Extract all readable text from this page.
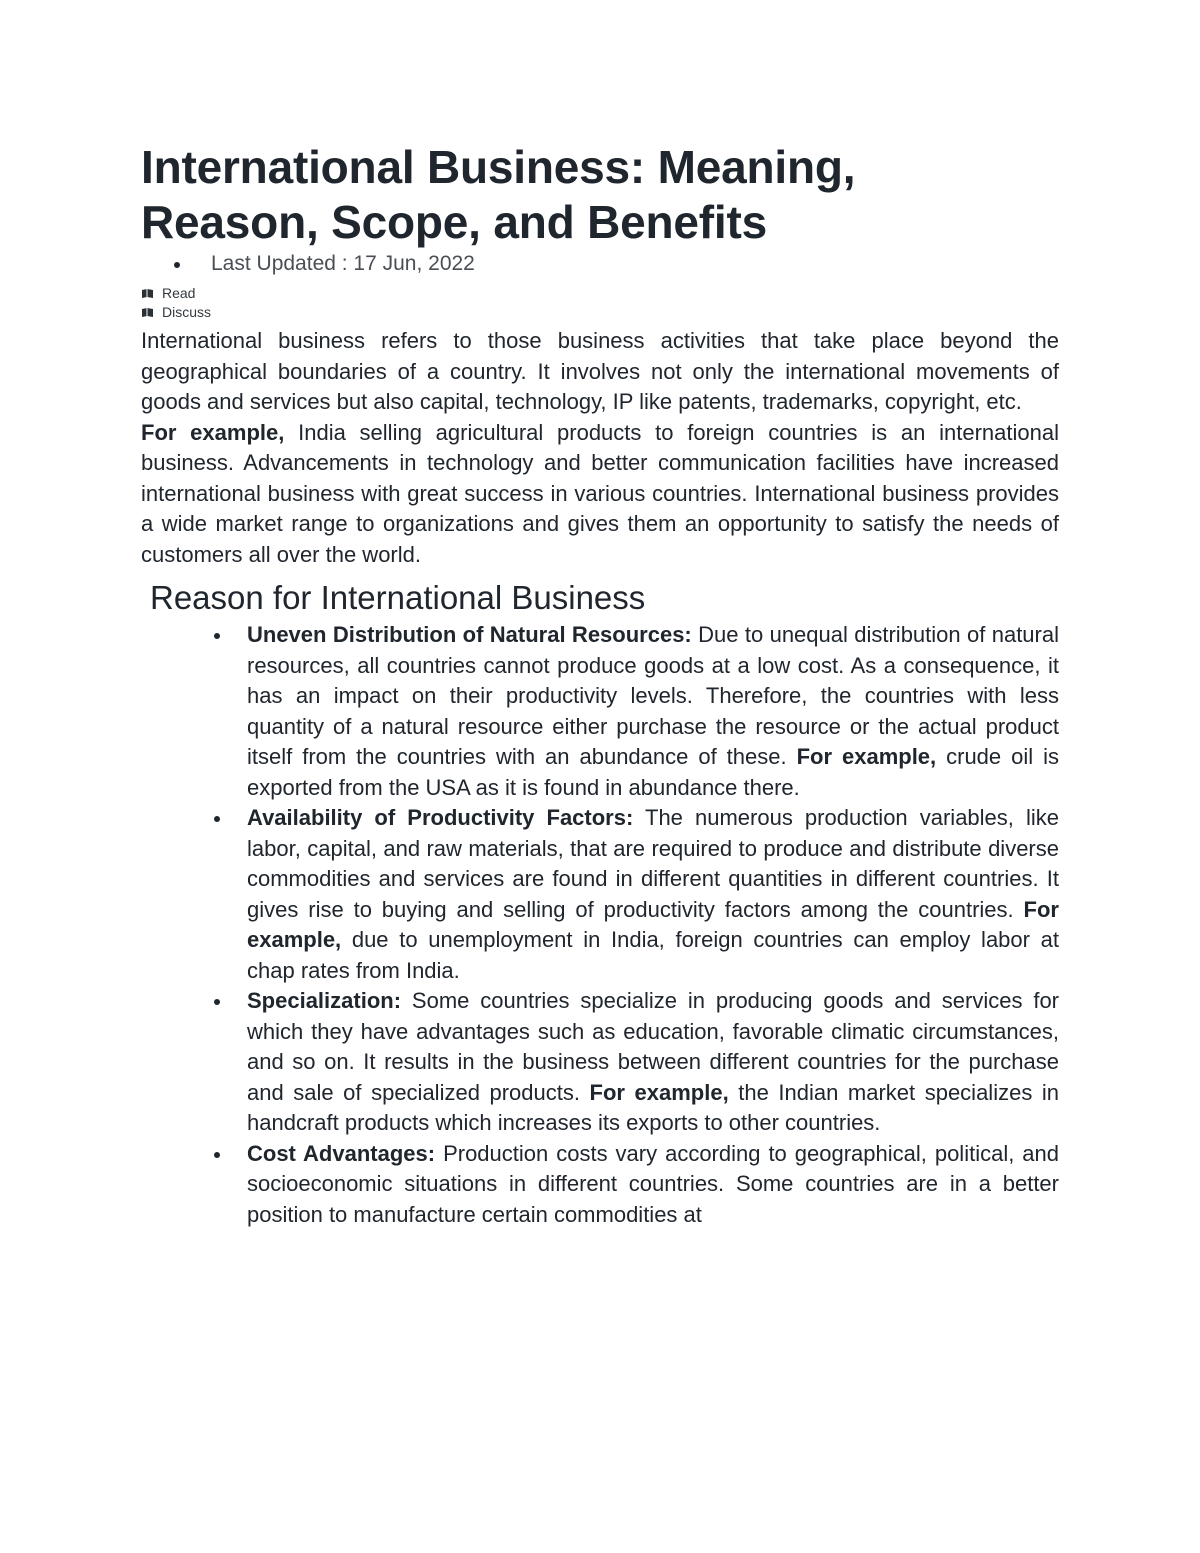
International Business: Meaning,
Reason, Scope, and Benefits
Last Updated : 17 Jun, 2022
Read
Discuss

International business refers to those business activities that take place beyond the geographical boundaries of a country. It involves not only the international movements of goods and services but also capital, technology, IP like patents, trademarks, copyright, etc.

For example, India selling agricultural products to foreign countries is an international business. Advancements in technology and better communication facilities have increased international business with great success in various countries. International business provides a wide market range to organizations and gives them an opportunity to satisfy the needs of customers all over the world.

Reason for International Business
Uneven Distribution of Natural Resources: Due to unequal distribution of natural resources, all countries cannot produce goods at a low cost. As a consequence, it has an impact on their productivity levels. Therefore, the countries with less quantity of a natural resource either purchase the resource or the actual product itself from the countries with an abundance of these. For example, crude oil is exported from the USA as it is found in abundance there.
Availability of Productivity Factors: The numerous production variables, like labor, capital, and raw materials, that are required to produce and distribute diverse commodities and services are found in different quantities in different countries. It gives rise to buying and selling of productivity factors among the countries. For example, due to unemployment in India, foreign countries can employ labor at chap rates from India.
Specialization: Some countries specialize in producing goods and services for which they have advantages such as education, favorable climatic circumstances, and so on. It results in the business between different countries for the purchase and sale of specialized products. For example, the Indian market specializes in handcraft products which increases its exports to other countries.
Cost Advantages: Production costs vary according to geographical, political, and socioeconomic situations in different countries. Some countries are in a better position to manufacture certain commodities at
